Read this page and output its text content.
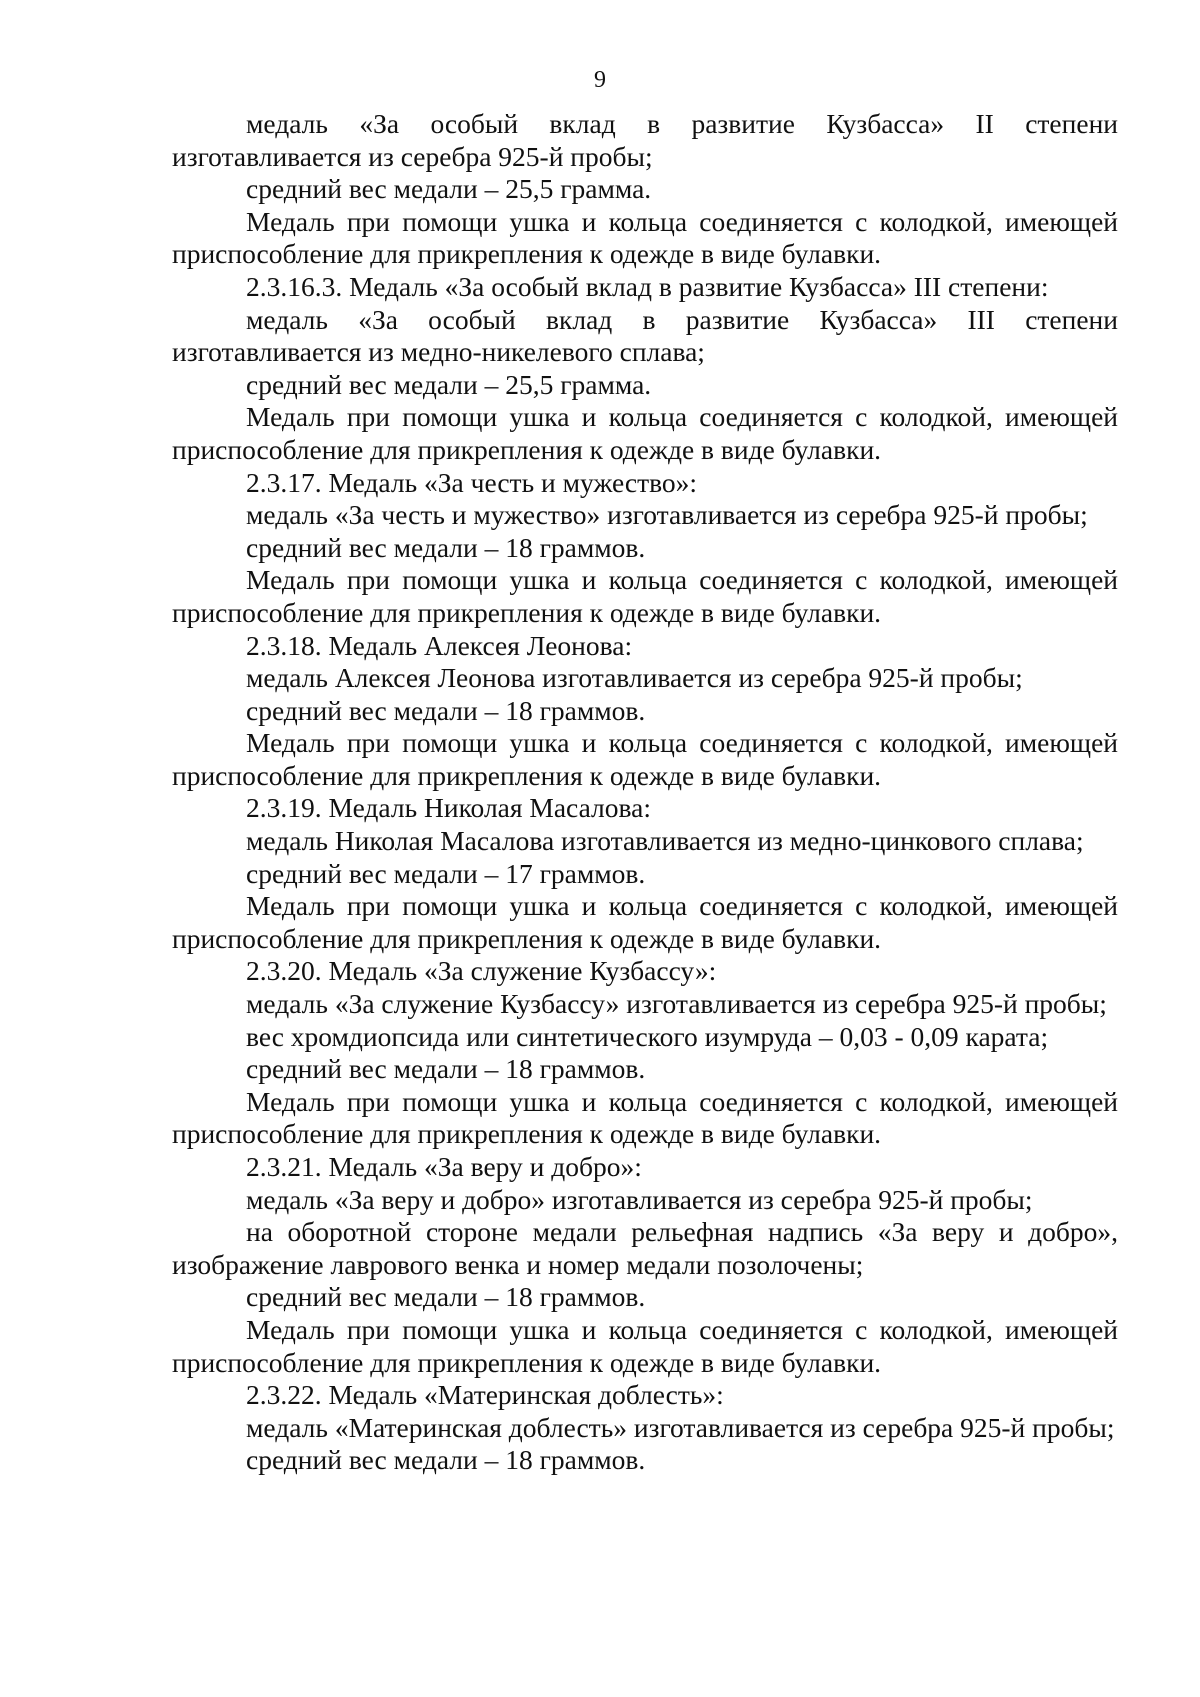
9

медаль «За особый вклад в развитие Кузбасса» II степени изготавливается из серебра 925-й пробы;

средний вес медали – 25,5 грамма.

Медаль при помощи ушка и кольца соединяется с колодкой, имеющей приспособление для прикрепления к одежде в виде булавки.

2.3.16.3. Медаль «За особый вклад в развитие Кузбасса» III степени:

медаль «За особый вклад в развитие Кузбасса» III степени изготавливается из медно-никелевого сплава;

средний вес медали – 25,5 грамма.

Медаль при помощи ушка и кольца соединяется с колодкой, имеющей приспособление для прикрепления к одежде в виде булавки.

2.3.17. Медаль «За честь и мужество»:

медаль «За честь и мужество» изготавливается из серебра 925-й пробы;

средний вес медали – 18 граммов.

Медаль при помощи ушка и кольца соединяется с колодкой, имеющей приспособление для прикрепления к одежде в виде булавки.

2.3.18. Медаль Алексея Леонова:

медаль Алексея Леонова изготавливается из серебра 925-й пробы;

средний вес медали – 18 граммов.

Медаль при помощи ушка и кольца соединяется с колодкой, имеющей приспособление для прикрепления к одежде в виде булавки.

2.3.19. Медаль Николая Масалова:

медаль Николая Масалова изготавливается из медно-цинкового сплава;

средний вес медали – 17 граммов.

Медаль при помощи ушка и кольца соединяется с колодкой, имеющей приспособление для прикрепления к одежде в виде булавки.

2.3.20. Медаль «За служение Кузбассу»:

медаль «За служение Кузбассу» изготавливается из серебра 925-й пробы;

вес хромдиопсида или синтетического изумруда – 0,03 - 0,09 карата;

средний вес медали – 18 граммов.

Медаль при помощи ушка и кольца соединяется с колодкой, имеющей приспособление для прикрепления к одежде в виде булавки.

2.3.21. Медаль «За веру и добро»:

медаль «За веру и добро» изготавливается из серебра 925-й пробы;

на оборотной стороне медали рельефная надпись «За веру и добро», изображение лаврового венка и номер медали позолочены;

средний вес медали – 18 граммов.

Медаль при помощи ушка и кольца соединяется с колодкой, имеющей приспособление для прикрепления к одежде в виде булавки.

2.3.22. Медаль «Материнская доблесть»:

медаль «Материнская доблесть» изготавливается из серебра 925-й пробы;

средний вес медали – 18 граммов.
